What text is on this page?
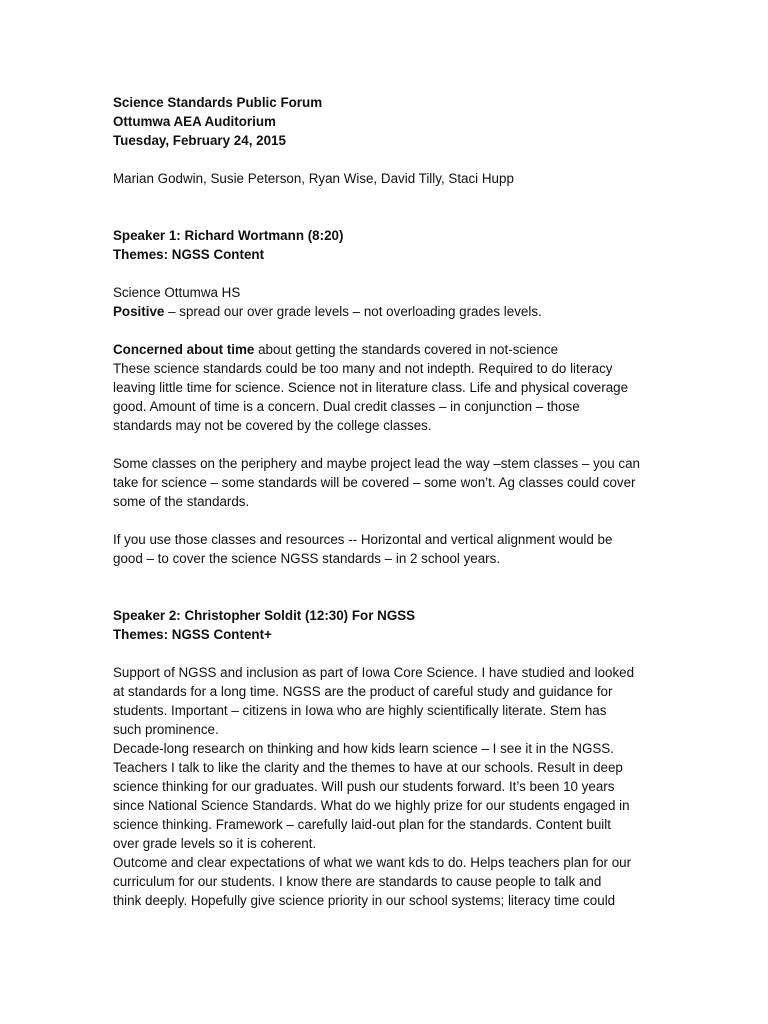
Science Standards Public Forum
Ottumwa AEA Auditorium
Tuesday, February 24, 2015
Marian Godwin, Susie Peterson, Ryan Wise, David Tilly, Staci Hupp
Speaker 1: Richard Wortmann (8:20)
Themes: NGSS Content
Science Ottumwa HS
Positive – spread our over grade levels – not overloading grades levels.
Concerned about time about getting the standards covered in not-science
These science standards could be too many and not indepth. Required to do literacy
leaving little time for science. Science not in literature class. Life and physical coverage
good. Amount of time is a concern. Dual credit classes – in conjunction – those
standards may not be covered by the college classes.
Some classes on the periphery and maybe project lead the way –stem classes – you can
take for science – some standards will be covered – some won’t. Ag classes could cover
some of the standards.
If you use those classes and resources -- Horizontal and vertical alignment would be
good – to cover the science NGSS standards – in 2 school years.
Speaker 2: Christopher Soldit (12:30) For NGSS
Themes: NGSS Content+
Support of NGSS and inclusion as part of Iowa Core Science. I have studied and looked
at standards for a long time. NGSS are the product of careful study and guidance for
students. Important – citizens in Iowa who are highly scientifically literate. Stem has
such prominence.
Decade-long research on thinking and how kids learn science – I see it in the NGSS.
Teachers I talk to like the clarity and the themes to have at our schools. Result in deep
science thinking for our graduates. Will push our students forward. It’s been 10 years
since National Science Standards. What do we highly prize for our students engaged in
science thinking. Framework – carefully laid-out plan for the standards. Content built
over grade levels so it is coherent.
Outcome and clear expectations of what we want kds to do. Helps teachers plan for our
curriculum for our students. I know there are standards to cause people to talk and
think deeply. Hopefully give science priority in our school systems; literacy time could
